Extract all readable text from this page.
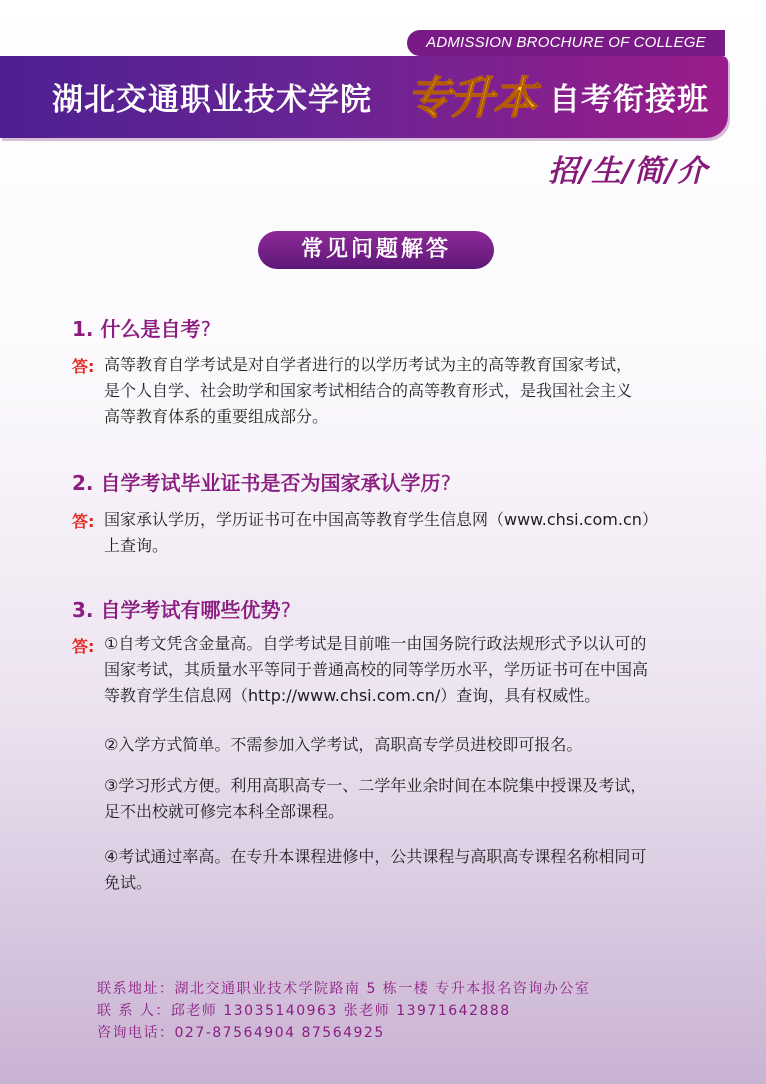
ADMISSION BROCHURE OF COLLEGE
湖北交通职业技术学院 专升本 自考衔接班
招/生/简/介
常见问题解答
1. 什么是自考?
答: 高等教育自学考试是对自学者进行的以学历考试为主的高等教育国家考试，

是个人自学、社会助学和国家考试相结合的高等教育形式，是我国社会主义

高等教育体系的重要组成部分。

2. 自学考试毕业证书是否为国家承认学历?
答: 国家承认学历，学历证书可在中国高等教育学生信息网（www.chsi.com.cn）

上查询。

3. 自学考试有哪些优势?
答: ①自考文凭含金量高。自学考试是目前唯一由国务院行政法规形式予以认可的

国家考试，其质量水平等同于普通高校的同等学历水平，学历证书可在中国高

等教育学生信息网（http://www.chsi.com.cn/）查询，具有权威性。

②入学方式简单。不需参加入学考试，高职高专学员进校即可报名。

③学习形式方便。利用高职高专一、二学年业余时间在本院集中授课及考试，

足不出校就可修完本科全部课程。

④考试通过率高。在专升本课程进修中，公共课程与高职高专课程名称相同可

免试。

联系地址：湖北交通职业技术学院路南 5 栋一楼 专升本报名咨询办公室

联 系 人：邱老师 13035140963 张老师 13971642888

咨询电话：027-87564904 87564925
